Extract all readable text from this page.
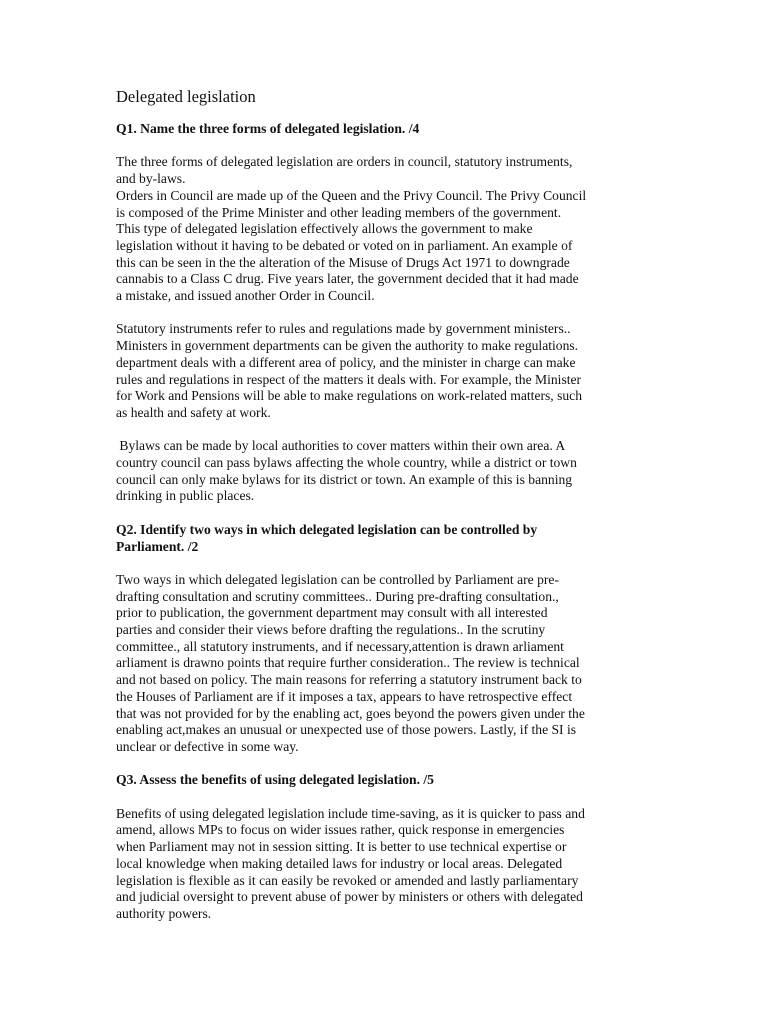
Delegated legislation
Q1. Name the three forms of delegated legislation. /4
The three forms of delegated legislation are orders in council, statutory instruments,
and by-laws.
Orders in Council are made up of the Queen and the Privy Council. The Privy Council
is composed of the Prime Minister and other leading members of the government.
This type of delegated legislation effectively allows the government to make
legislation without it having to be debated or voted on in parliament. An example of
this can be seen in the the alteration of the Misuse of Drugs Act 1971 to downgrade
cannabis to a Class C drug. Five years later, the government decided that it had made
a mistake, and issued another Order in Council.
Statutory instruments refer to rules and regulations made by government ministers..
Ministers in government departments can be given the authority to make regulations.
department deals with a different area of policy, and the minister in charge can make
rules and regulations in respect of the matters it deals with. For example, the Minister
for Work and Pensions will be able to make regulations on work-related matters, such
as health and safety at work.
Bylaws can be made by local authorities to cover matters within their own area. A
country council can pass bylaws affecting the whole country, while a district or town
council can only make bylaws for its district or town. An example of this is banning
drinking in public places.
Q2. Identify two ways in which delegated legislation can be controlled by
Parliament. /2
Two ways in which delegated legislation can be controlled by Parliament are pre-
drafting consultation and scrutiny committees.. During pre-drafting consultation.,
prior to publication, the government department may consult with all interested
parties and consider their views before drafting the regulations.. In the scrutiny
committee., all statutory instruments, and if necessary,attention is drawn arliament
arliament is drawno points that require further consideration.. The review is technical
and not based on policy. The main reasons for referring a statutory instrument back to
the Houses of Parliament are if it imposes a tax, appears to have retrospective effect
that was not provided for by the enabling act, goes beyond the powers given under the
enabling act,makes an unusual or unexpected use of those powers. Lastly, if the SI is
unclear or defective in some way.
Q3. Assess the benefits of using delegated legislation. /5
Benefits of using delegated legislation include time-saving, as it is quicker to pass and
amend, allows MPs to focus on wider issues rather, quick response in emergencies
when Parliament may not in session sitting. It is better to use technical expertise or
local knowledge when making detailed laws for industry or local areas. Delegated
legislation is flexible as it can easily be revoked or amended and lastly parliamentary
and judicial oversight to prevent abuse of power by ministers or others with delegated
authority powers.
